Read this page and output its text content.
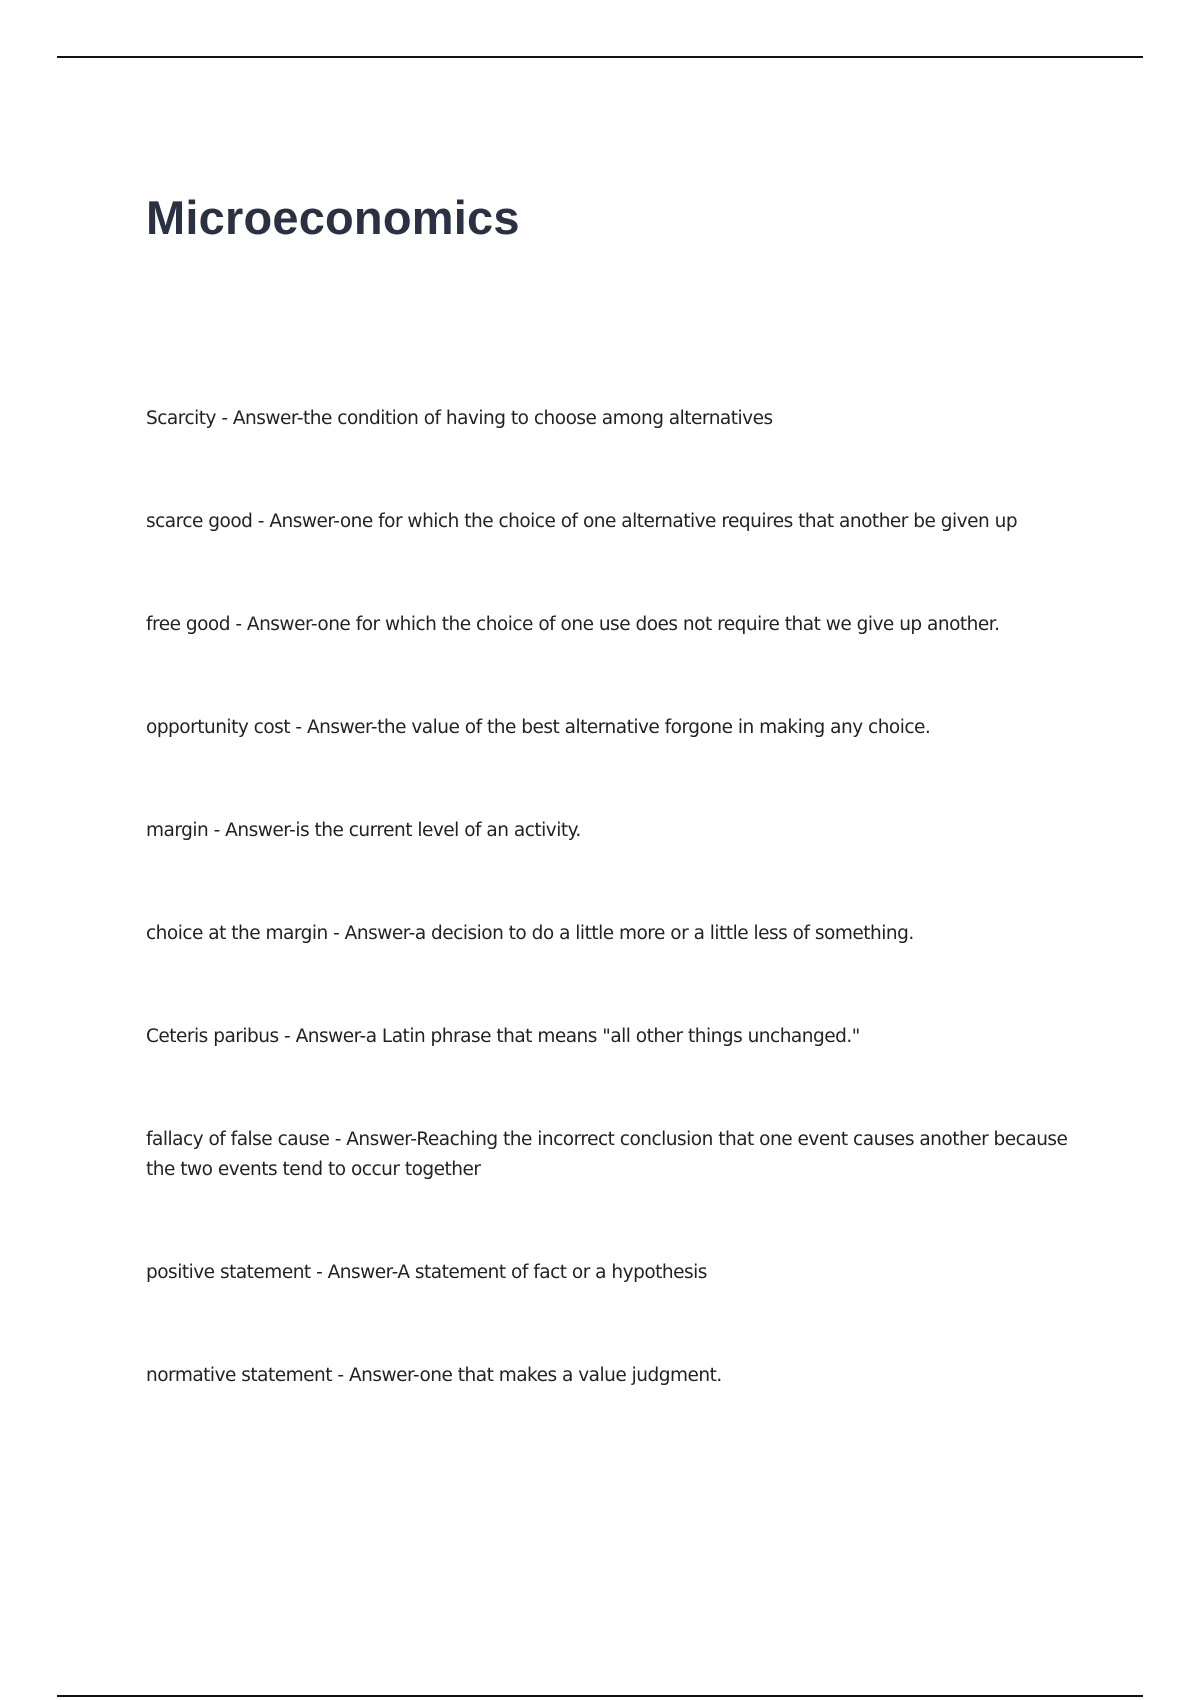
Microeconomics

Scarcity - Answer-the condition of having to choose among alternatives

scarce good - Answer-one for which the choice of one alternative requires that another be given up

free good - Answer-one for which the choice of one use does not require that we give up another.

opportunity cost - Answer-the value of the best alternative forgone in making any choice.

margin - Answer-is the current level of an activity.

choice at the margin - Answer-a decision to do a little more or a little less of something.

Ceteris paribus - Answer-a Latin phrase that means "all other things unchanged."

fallacy of false cause - Answer-Reaching the incorrect conclusion that one event causes another because the two events tend to occur together

positive statement - Answer-A statement of fact or a hypothesis

normative statement - Answer-one that makes a value judgment.
